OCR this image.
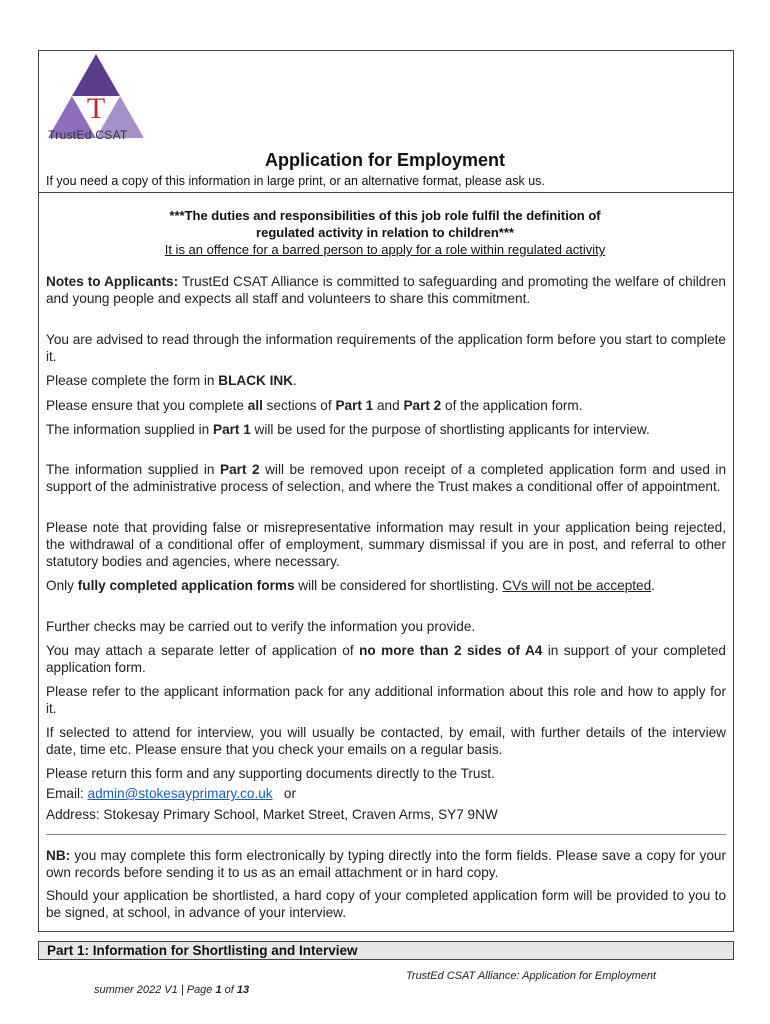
T
TrustEd CSAT
Application for Employment
If you need a copy of this information in large print, or an alternative format, please ask us.
***The duties and responsibilities of this job role fulfil the definition of
regulated activity in relation to children***
It is an offence for a barred person to apply for a role within regulated activity
Notes to Applicants: TrustEd CSAT Alliance is committed to safeguarding and promoting the welfare of children and young people and expects all staff and volunteers to share this commitment.
You are advised to read through the information requirements of the application form before you start to complete it.
Please complete the form in BLACK INK.
Please ensure that you complete all sections of Part 1 and Part 2 of the application form.
The information supplied in Part 1 will be used for the purpose of shortlisting applicants for interview.
The information supplied in Part 2 will be removed upon receipt of a completed application form and used in support of the administrative process of selection, and where the Trust makes a conditional offer of appointment.
Please note that providing false or misrepresentative information may result in your application being rejected, the withdrawal of a conditional offer of employment, summary dismissal if you are in post, and referral to other statutory bodies and agencies, where necessary.
Only fully completed application forms will be considered for shortlisting. CVs will not be accepted.
Further checks may be carried out to verify the information you provide.
You may attach a separate letter of application of no more than 2 sides of A4 in support of your completed application form.
Please refer to the applicant information pack for any additional information about this role and how to apply for it.
If selected to attend for interview, you will usually be contacted, by email, with further details of the interview date, time etc. Please ensure that you check your emails on a regular basis.
Please return this form and any supporting documents directly to the Trust.
Email: admin@stokesayprimary.co.uk   or
Address: Stokesay Primary School, Market Street, Craven Arms, SY7 9NW
NB: you may complete this form electronically by typing directly into the form fields. Please save a copy for your own records before sending it to us as an email attachment or in hard copy.
Should your application be shortlisted, a hard copy of your completed application form will be provided to you to be signed, at school, in advance of your interview.
Part 1: Information for Shortlisting and Interview
TrustEd CSAT Alliance: Application for Employment
summer 2022 V1 | Page 1 of 13
